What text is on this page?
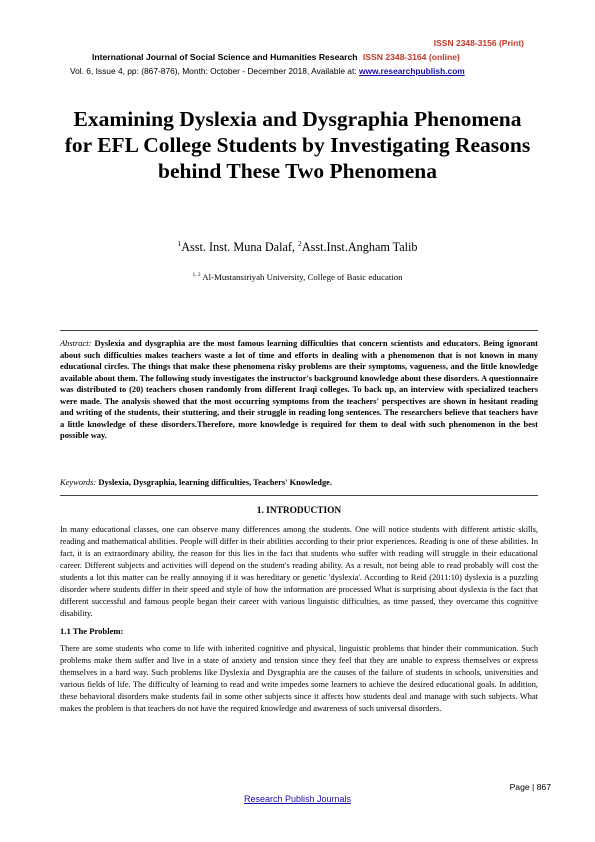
ISSN 2348-3156 (Print)
International Journal of Social Science and Humanities Research ISSN 2348-3164 (online)
Vol. 6, Issue 4, pp: (867-876), Month: October - December 2018, Available at: www.researchpublish.com
Examining Dyslexia and Dysgraphia Phenomena for EFL College Students by Investigating Reasons behind These Two Phenomena
$^1$Asst. Inst. Muna Dalaf, $^2$Asst.Inst.Angham Talib
$^{1, 2}$ Al-Mustansiriyah University, College of Basic education
Abstract: Dyslexia and dysgraphia are the most famous learning difficulties that concern scientists and educators. Being ignorant about such difficulties makes teachers waste a lot of time and efforts in dealing with a phenomenon that is not known in many educational circles. The things that make these phenomena risky problems are their symptoms, vagueness, and the little knowledge available about them. The following study investigates the instructor's background knowledge about these disorders. A questionnaire was distributed to (20) teachers chosen randomly from different Iraqi colleges. To back up, an interview with specialized teachers were made. The analysis showed that the most occurring symptoms from the teachers' perspectives are shown in hesitant reading and writing of the students, their stuttering, and their struggle in reading long sentences. The researchers believe that teachers have a little knowledge of these disorders.Therefore, more knowledge is required for them to deal with such phenomenon in the best possible way.
Keywords: Dyslexia, Dysgraphia, learning difficulties, Teachers' Knowledge.
1. INTRODUCTION
In many educational classes, one can observe many differences among the students. One will notice students with different artistic skills, reading and mathematical abilities. People will differ in their abilities according to their prior experiences. Reading is one of these abilities. In fact, it is an extraordinary ability, the reason for this lies in the fact that students who suffer with reading will struggle in their educational career. Different subjects and activities will depend on the student's reading ability. As a result, not being able to read probably will cost the students a lot this matter can be really annoying if it was hereditary or genetic 'dyslexia'. According to Reid (2011:10) dyslexia is a puzzling disorder where students differ in their speed and style of how the information are processed What is surprising about dyslexia is the fact that different successful and famous people began their career with various linguistic difficulties, as time passed, they overcame this cognitive disability.
1.1 The Problem:
There are some students who come to life with inherited cognitive and physical, linguistic problems that hinder their communication. Such problems make them suffer and live in a state of anxiety and tension since they feel that they are unable to express themselves or express themselves in a hard way. Such problems like Dyslexia and Dysgraphia are the causes of the failure of students in schools, universities and various fields of life. The difficulty of learning to read and write impedes some learners to achieve the desired educational goals. In addition, these behavioral disorders make students fail in some other subjects since it affects how students deal and manage with such subjects. What makes the problem is that teachers do not have the required knowledge and awareness of such universal disorders.
Page | 867
Research Publish Journals
